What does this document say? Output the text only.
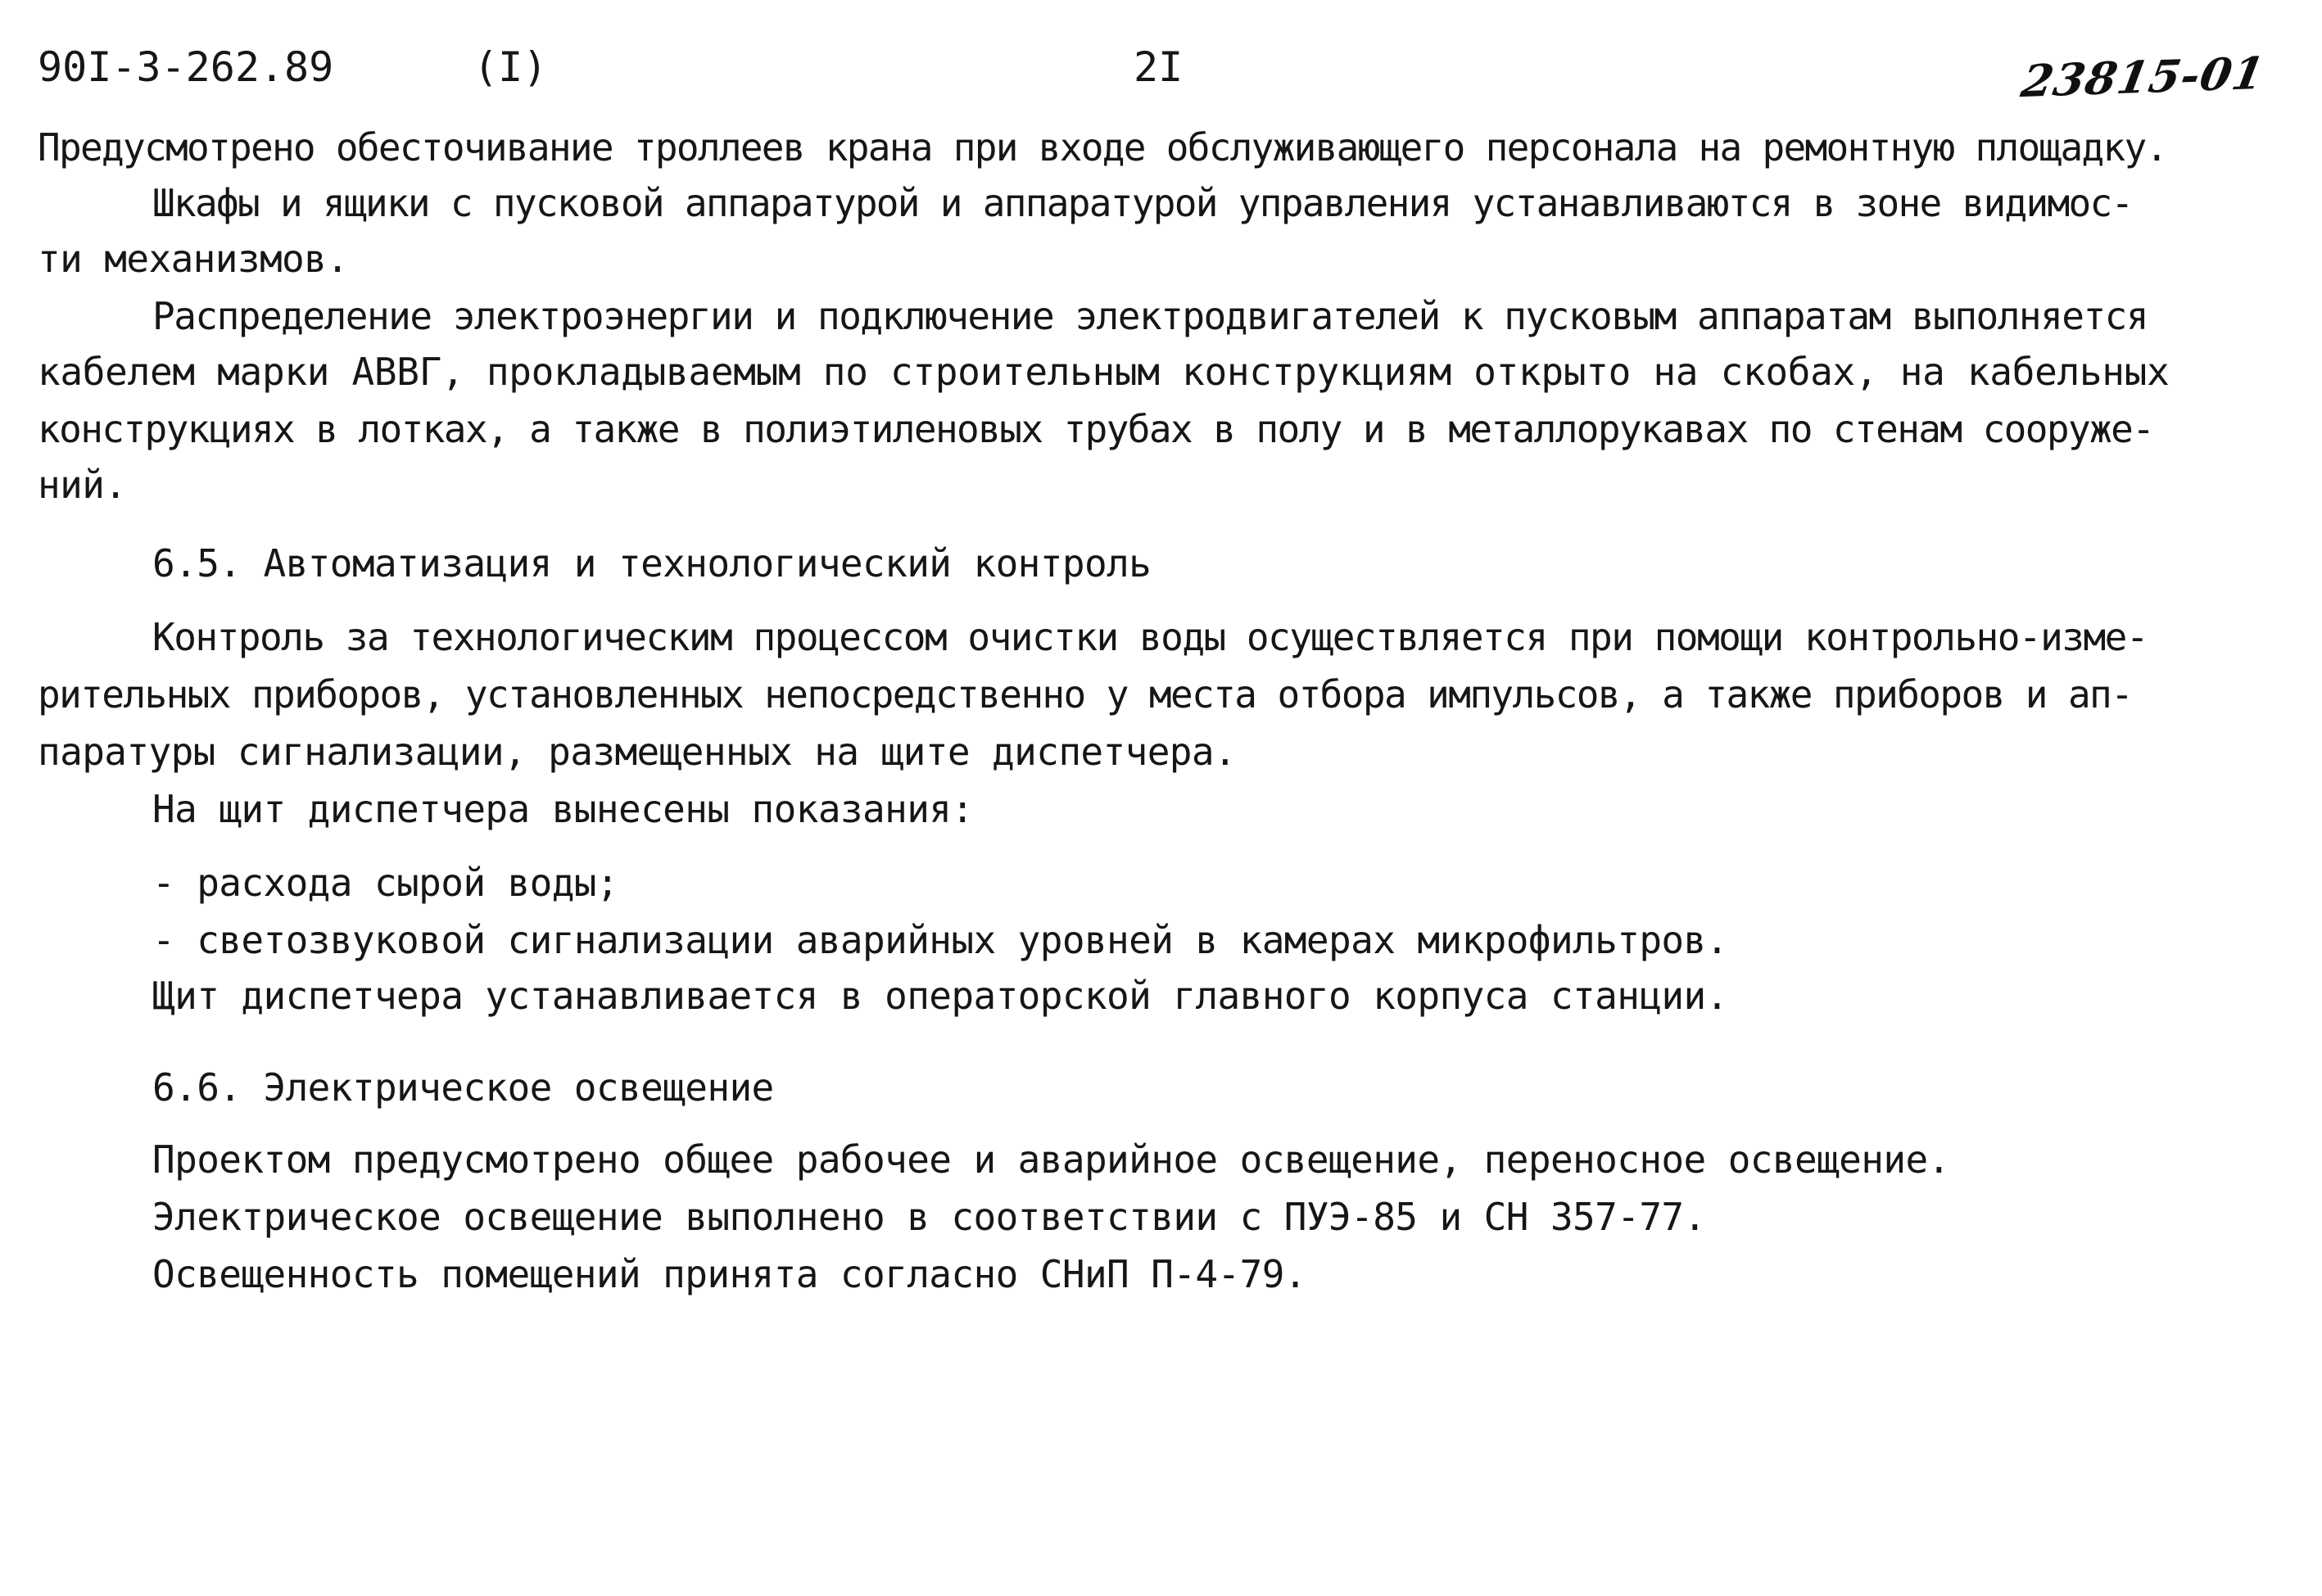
90I-3-262.89	(I)	2I	23815-01
Предусмотрено обесточивание троллеев крана при входе обслуживающего персонала на ремонтную площадку.
Шкафы и ящики с пусковой аппаратурой и аппаратурой управления устанавливаются в зоне видимос-
ти механизмов.
Распределение электроэнергии и подключение электродвигателей к пусковым аппаратам выполняется
кабелем марки АВВГ, прокладываемым по строительным конструкциям открыто на скобах, на кабельных
конструкциях в лотках, а также в полиэтиленовых трубах в полу и в металлорукавах по стенам сооруже-
ний.
6.5. Автоматизация и технологический контроль
Контроль за технологическим процессом очистки воды осуществляется при помощи контрольно-изме-
рительных приборов, установленных непосредственно у места отбора импульсов, а также приборов и ап-
паратуры сигнализации, размещенных на щите диспетчера.
На щит диспетчера вынесены показания:
- расхода сырой воды;
- светозвуковой сигнализации аварийных уровней в камерах микрофильтров.
Щит диспетчера устанавливается в операторской главного корпуса станции.
6.6. Электрическое освещение
Проектом предусмотрено общее рабочее и аварийное освещение, переносное освещение.
Электрическое освещение выполнено в соответствии с ПУЭ-85 и СН 357-77.
Освещенность помещений принята согласно СНиП П-4-79.
